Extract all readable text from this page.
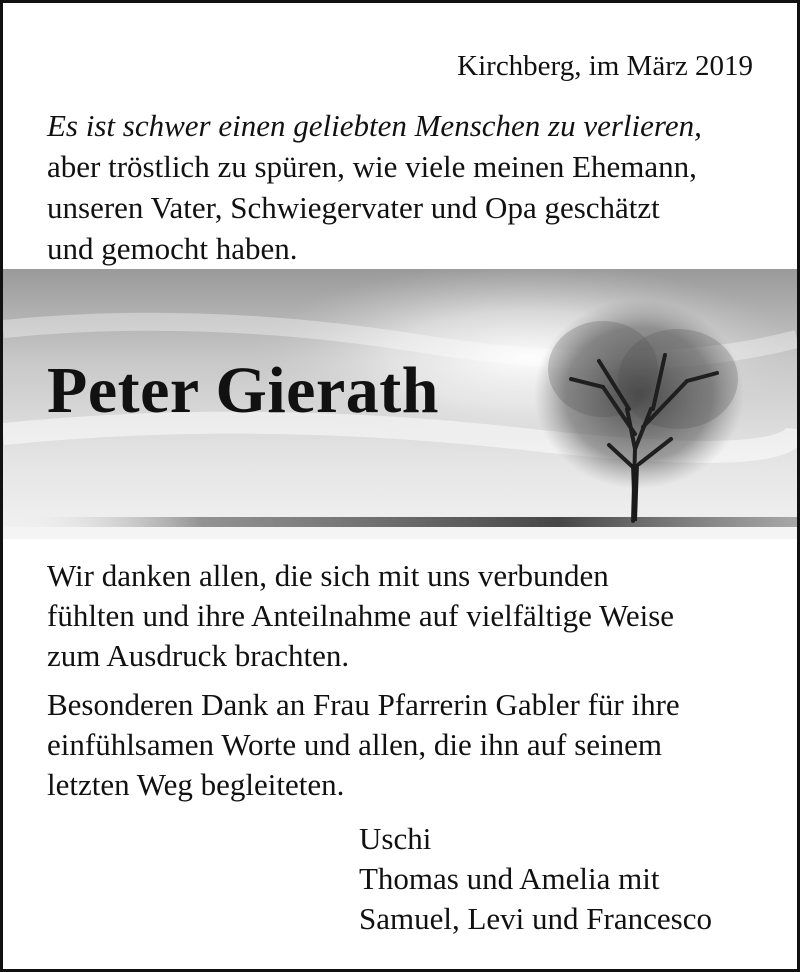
Kirchberg, im März 2019
Es ist schwer einen geliebten Menschen zu verlieren,
aber tröstlich zu spüren, wie viele meinen Ehemann,
unseren Vater, Schwiegervater und Opa geschätzt
und gemocht haben.
Peter Gierath

Wir danken allen, die sich mit uns verbunden
fühlten und ihre Anteilnahme auf vielfältige Weise
zum Ausdruck brachten.

Besonderen Dank an Frau Pfarrerin Gabler für ihre
einfühlsamen Worte und allen, die ihn auf seinem
letzten Weg begleiteten.

Uschi
Thomas und Amelia mit
Samuel, Levi und Francesco
